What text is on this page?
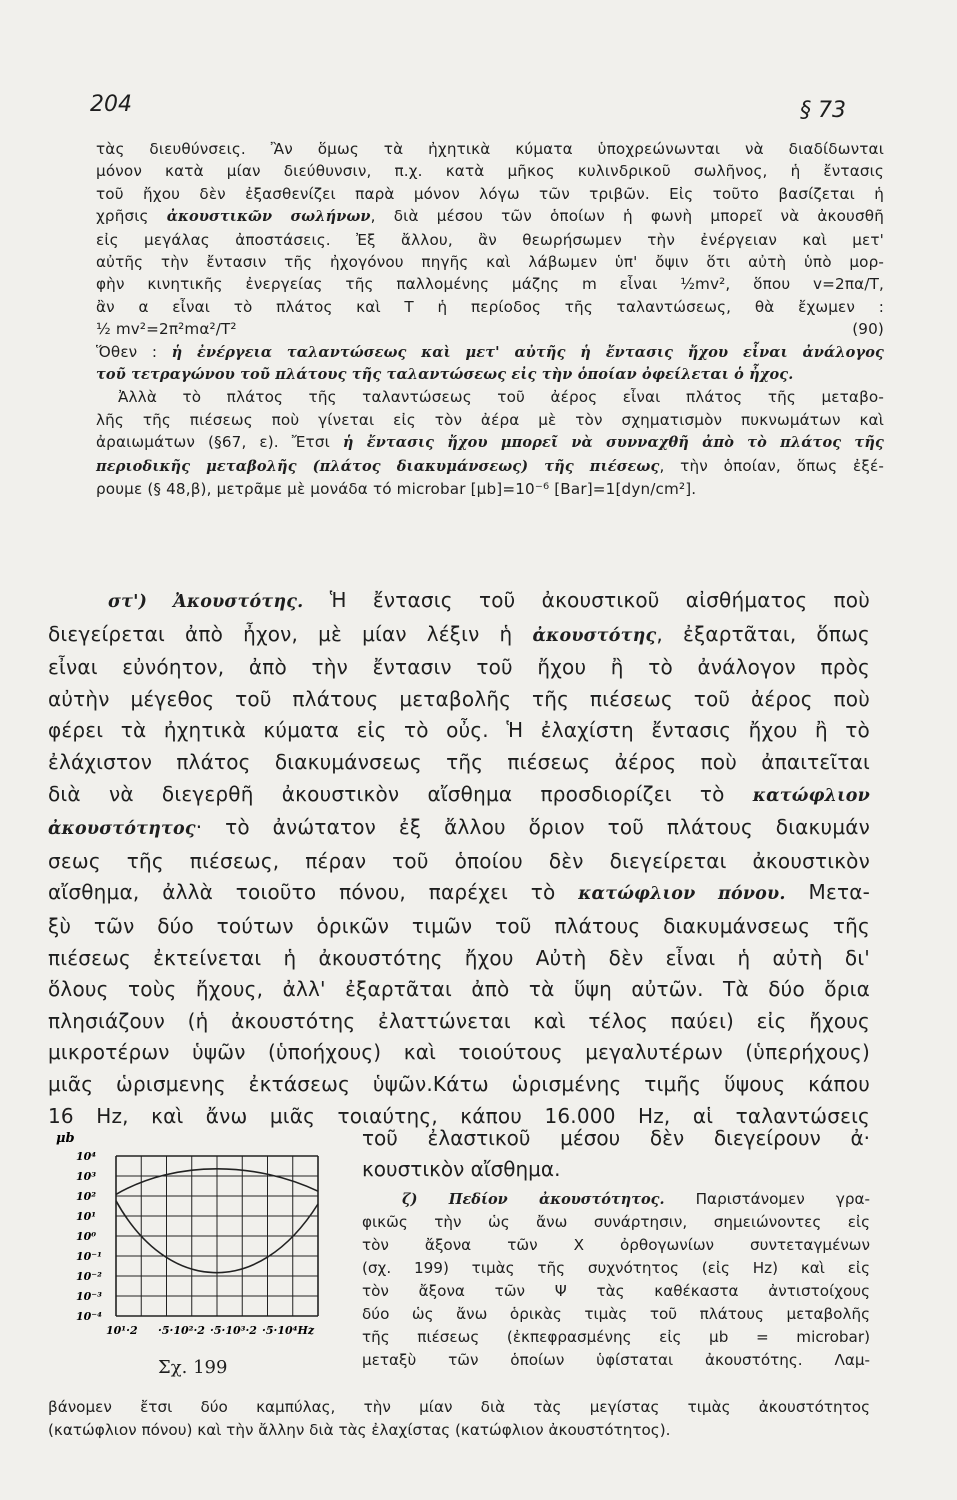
204	§ 73

τὰς διευθύνσεις. Ἂν ὅμως τὰ ἠχητικὰ κύματα ὑποχρεώνωνται νὰ διαδίδωνται

μόνον κατὰ μίαν διεύθυνσιν, π.χ. κατὰ μῆκος κυλινδρικοῦ σωλῆνος, ἡ ἔντασις

τοῦ ἤχου δὲν ἐξασθενίζει παρὰ μόνον λόγω τῶν τριβῶν. Εἰς τοῦτο βασίζεται ἡ

χρῆσις ἀκουστικῶν σωλήνων, διὰ μέσου τῶν ὁποίων ἡ φωνὴ μπορεῖ νὰ ἀκουσθῆ

εἰς μεγάλας ἀποστάσεις. Ἐξ ἄλλου, ἂν θεωρήσωμεν τὴν ἐνέργειαν καὶ μετ'

αὐτῆς τὴν ἔντασιν τῆς ἠχογόνου πηγῆς καὶ λάβωμεν ὑπ' ὄψιν ὅτι αὐτὴ ὑπὸ μορ-

φὴν κινητικῆς ἐνεργείας τῆς παλλομένης μάζης m εἶναι ½mv², ὅπου v=2πα/T,

ἂν α εἶναι τὸ πλάτος καὶ T ἡ περίοδος τῆς ταλαντώσεως, θὰ ἔχωμεν :

½ mv²=2π²mα²/T²	(90)

Ὅθεν : ἡ ἐνέργεια ταλαντώσεως καὶ μετ' αὐτῆς ἡ ἔντασις ἤχου εἶναι ἀνάλογος

τοῦ τετραγώνου τοῦ πλάτους τῆς ταλαντώσεως εἰς τὴν ὁποίαν ὀφείλεται ὁ ἦχος.

Ἀλλὰ τὸ πλάτος τῆς ταλαντώσεως τοῦ ἀέρος εἶναι πλάτος τῆς μεταβο-

λῆς τῆς πιέσεως ποὺ γίνεται εἰς τὸν ἀέρα μὲ τὸν σχηματισμὸν πυκνωμάτων καὶ

ἀραιωμάτων (§67, ε). Ἔτσι ἡ ἔντασις ἤχου μπορεῖ νὰ συνναχθῆ ἀπὸ τὸ πλάτος τῆς

περιοδικῆς μεταβολῆς (πλάτος διακυμάνσεως) τῆς πιέσεως, τὴν ὁποίαν, ὅπως ἐξέ-

ρουμε (§ 48,β), μετρᾶμε μὲ μονάδα τό microbar [μb]=10⁻⁶ [Bar]=1[dyn/cm²].

στ') Ἀκουστότης. Ἡ ἔντασις τοῦ ἀκουστικοῦ αἰσθήματος ποὺ

διεγείρεται ἀπὸ ἦχον, μὲ μίαν λέξιν ἡ ἀκουστότης, ἐξαρτᾶται, ὅπως

εἶναι εὐνόητον, ἀπὸ τὴν ἔντασιν τοῦ ἤχου ἢ τὸ ἀνάλογον πρὸς

αὐτὴν μέγεθος τοῦ πλάτους μεταβολῆς τῆς πιέσεως τοῦ ἀέρος ποὺ

φέρει τὰ ἠχητικὰ κύματα εἰς τὸ οὖς. Ἡ ἐλαχίστη ἔντασις ἤχου ἢ τὸ

ἐλάχιστον πλάτος διακυμάνσεως τῆς πιέσεως ἀέρος ποὺ ἀπαιτεῖται

διὰ νὰ διεγερθῆ ἀκουστικὸν αἴσθημα προσδιορίζει τὸ κατώφλιον

ἀκουστότητος· τὸ ἀνώτατον ἐξ ἄλλου ὅριον τοῦ πλάτους διακυμάν

σεως τῆς πιέσεως, πέραν τοῦ ὁποίου δὲν διεγείρεται ἀκουστικὸν

αἴσθημα, ἀλλὰ τοιοῦτο πόνου, παρέχει τὸ κατώφλιον πόνου. Μετα-

ξὺ τῶν δύο τούτων ὁρικῶν τιμῶν τοῦ πλάτους διακυμάνσεως τῆς

πιέσεως ἐκτείνεται ἡ ἀκουστότης ἤχου Αὐτὴ δὲν εἶναι ἡ αὐτὴ δι'

ὅλους τοὺς ἤχους, ἀλλ' ἐξαρτᾶται ἀπὸ τὰ ὕψη αὐτῶν. Τὰ δύο ὅρια

πλησιάζουν (ἡ ἀκουστότης ἐλαττώνεται καὶ τέλος παύει) εἰς ἤχους

μικροτέρων ὑψῶν (ὑποήχους) καὶ τοιούτους μεγαλυτέρων (ὑπερήχους)

μιᾶς ὡρισμενης ἐκτάσεως ὑψῶν.Κάτω ὡρισμένης τιμῆς ὕψους κάπου

16 Hz, καὶ ἄνω μιᾶς τοιαύτης, κάπου 16.000 Hz, αἱ ταλαντώσεις

μb
10⁴
10³
10²
10¹
10⁰
10⁻¹
10⁻²
10⁻³
10⁻⁴
10¹·2 ·5·10²·2 ·5·10³·2 ·5·10⁴Hz
Σχ. 199

τοῦ ἐλαστικοῦ μέσου δὲν διεγείρουν ἀ·

κουστικὸν αἴσθημα.

ζ) Πεδίον ἀκουστότητος. Παριστάνομεν γρα-

φικῶς τὴν ὡς ἄνω συνάρτησιν, σημειώνοντες εἰς

τὸν ἄξονα τῶν X ὀρθογωνίων συντεταγμένων

(σχ. 199) τιμὰς τῆς συχνότητος (εἰς Hz) καὶ εἰς

τὸν ἄξονα τῶν Ψ τὰς καθέκαστα ἀντιστοίχους

δύο ὡς ἄνω ὁρικὰς τιμὰς τοῦ πλάτους μεταβολῆς

τῆς πιέσεως (ἐκπεφρασμένης εἰς μb = microbar)

μεταξὺ τῶν ὁποίων ὑφίσταται ἀκουστότης. Λαμ-

βάνομεν ἔτσι δύο καμπύλας, τὴν μίαν διὰ τὰς μεγίστας τιμὰς ἀκουστότητος

(κατώφλιον πόνου) καὶ τὴν ἄλλην διὰ τὰς ἐλαχίστας (κατώφλιον ἀκουστότητος).
